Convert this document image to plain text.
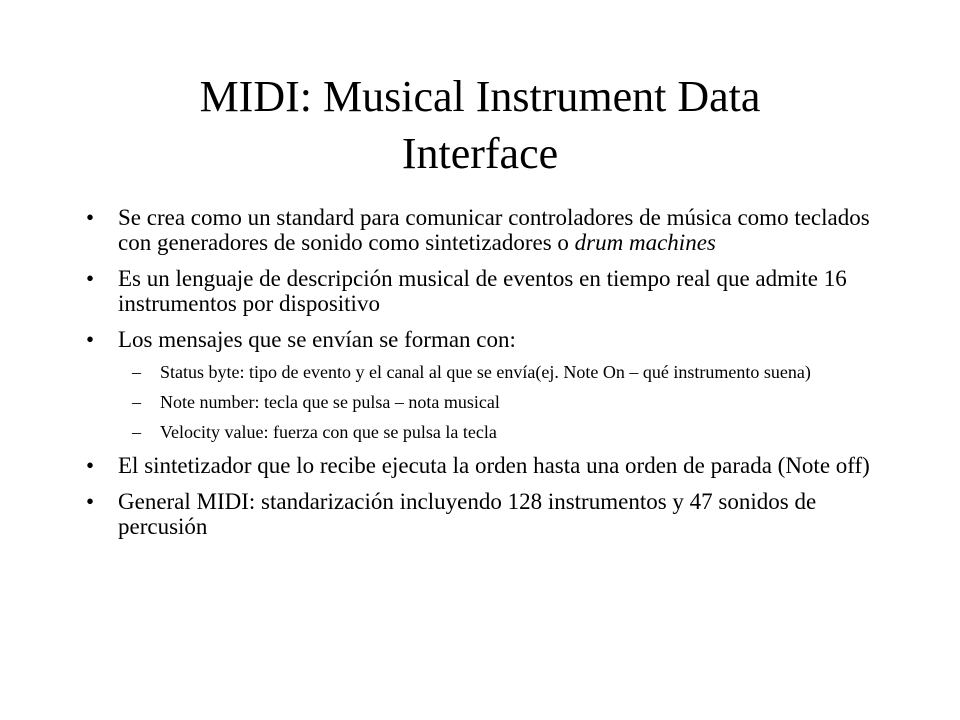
MIDI: Musical Instrument Data
Interface
• Se crea como un standard para comunicar controladores de música como teclados con generadores de sonido como sintetizadores o drum machines
• Es un lenguaje de descripción musical de eventos en tiempo real que admite 16 instrumentos por dispositivo
• Los mensajes que se envían se forman con:
– Status byte: tipo de evento y el canal al que se envía(ej. Note On – qué instrumento suena)
– Note number: tecla que se pulsa – nota musical
– Velocity value: fuerza con que se pulsa la tecla
• El sintetizador que lo recibe ejecuta la orden hasta una orden de parada (Note off)
• General MIDI: standarización incluyendo 128 instrumentos y 47 sonidos de percusión
